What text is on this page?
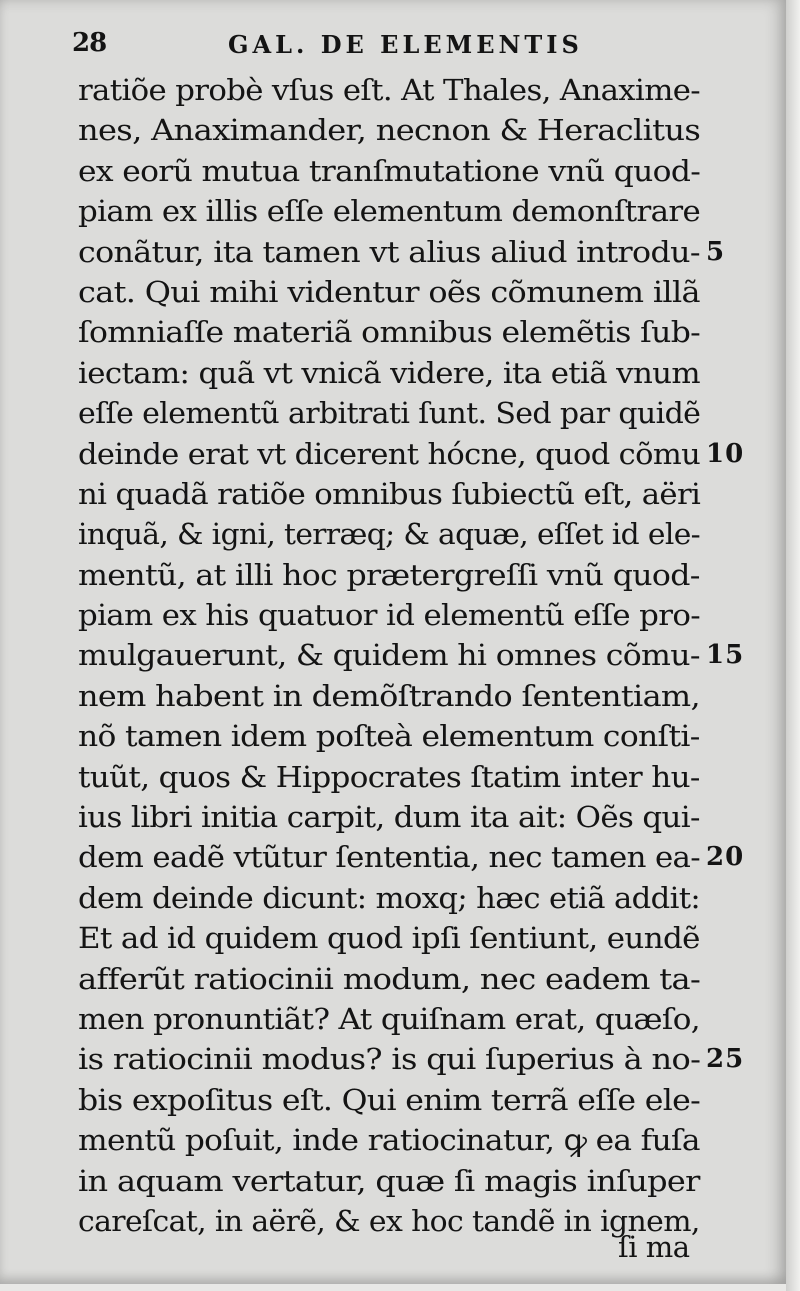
28	GAL. DE ELEMENTIS
ratiõe probè vſus eſt. At Thales, Anaxime-
nes, Anaximander, necnon & Heraclitus
ex eorũ mutua tranſmutatione vnũ quod-
piam ex illis eſſe elementum demonſtrare
conãtur, ita tamen vt alius aliud introdu- 5
cat. Qui mihi videntur oẽs cõmunem illã
ſomniaſſe materiã omnibus elemẽtis ſub-
iectam: quã vt vnicã videre, ita etiã vnum
eſſe elementũ arbitrati ſunt. Sed par quidẽ
deinde erat vt dicerent hócne, quod cõmu 10
ni quadã ratiõe omnibus ſubiectũ eſt, aëri
inquã, & igni, terræq; & aquæ, eſſet id ele-
mentũ, at illi hoc prætergreſſi vnũ quod-
piam ex his quatuor id elementũ eſſe pro-
mulgauerunt, & quidem hi omnes cõmu- 15
nem habent in demõſtrando ſententiam,
nõ tamen idem poſteà elementum conſti-
tuũt, quos & Hippocrates ſtatim inter hu-
ius libri initia carpit, dum ita ait: Oẽs qui-
dem eadẽ vtũtur ſententia, nec tamen ea- 20
dem deinde dicunt: moxq; hæc etiã addit:
Et ad id quidem quod ipſi ſentiunt, eundẽ
afferũt ratiocinii modum, nec eadem ta-
men pronuntiãt? At quiſnam erat, quæſo,
is ratiocinii modus? is qui ſuperius à no- 25
bis expoſitus eſt. Qui enim terrã eſſe ele-
mentũ poſuit, inde ratiocinatur, ꝙ ea fuſa
in aquam vertatur, quæ ſi magis inſuper
careſcat, in aërẽ, & ex hoc tandẽ in ignem,
ſi ma
